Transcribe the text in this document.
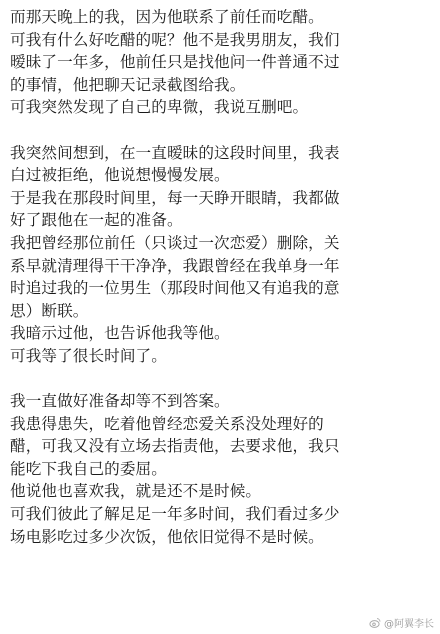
而那天晚上的我，因为他联系了前任而吃醋。
可我有什么好吃醋的呢？他不是我男朋友，我们
暧昧了一年多，他前任只是找他问一件普通不过
的事情，他把聊天记录截图给我。
可我突然发现了自己的卑微，我说互删吧。
我突然间想到，在一直暧昧的这段时间里，我表
白过被拒绝，他说想慢慢发展。
于是我在那段时间里，每一天睁开眼睛，我都做
好了跟他在一起的准备。
我把曾经那位前任（只谈过一次恋爱）删除，关
系早就清理得干干净净，我跟曾经在我单身一年
时追过我的一位男生（那段时间他又有追我的意
思）断联。
我暗示过他，也告诉他我等他。
可我等了很长时间了。
我一直做好准备却等不到答案。
我患得患失，吃着他曾经恋爱关系没处理好的
醋，可我又没有立场去指责他，去要求他，我只
能吃下我自己的委屈。
他说他也喜欢我，就是还不是时候。
可我们彼此了解足足一年多时间，我们看过多少
场电影吃过多少次饭，他依旧觉得不是时候。
@阿翼李长
